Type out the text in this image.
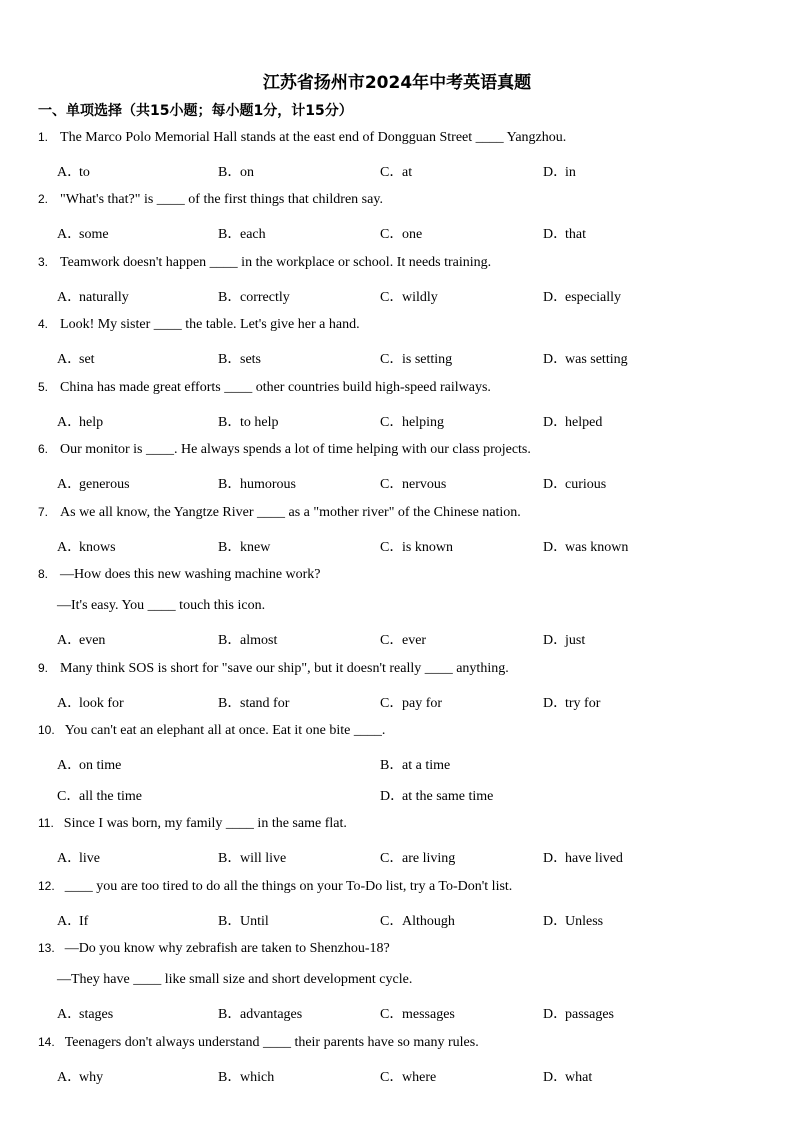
江苏省扬州市2024年中考英语真题
一、单项选择（共15小题；每小题1分，计15分）
1. The Marco Polo Memorial Hall stands at the east end of Dongguan Street ____ Yangzhou.
A．to	B．on	C．at	D．in
2. "What's that?" is ____ of the first things that children say.
A．some	B．each	C．one	D．that
3. Teamwork doesn't happen ____ in the workplace or school. It needs training.
A．naturally	B．correctly	C．wildly	D．especially
4. Look! My sister ____ the table. Let's give her a hand.
A．set	B．sets	C．is setting	D．was setting
5. China has made great efforts ____ other countries build high-speed railways.
A．help	B．to help	C．helping	D．helped
6. Our monitor is ____. He always spends a lot of time helping with our class projects.
A．generous	B．humorous	C．nervous	D．curious
7. As we all know, the Yangtze River ____ as a "mother river" of the Chinese nation.
A．knows	B．knew	C．is known	D．was known
8. —How does this new washing machine work?
—It's easy. You ____ touch this icon.
A．even	B．almost	C．ever	D．just
9. Many think SOS is short for "save our ship", but it doesn't really ____ anything.
A．look for	B．stand for	C．pay for	D．try for
10. You can't eat an elephant all at once. Eat it one bite ____.
A．on time	B．at a time
C．all the time	D．at the same time
11. Since I was born, my family ____ in the same flat.
A．live	B．will live	C．are living	D．have lived
12. ____ you are too tired to do all the things on your To-Do list, try a To-Don't list.
A．If	B．Until	C．Although	D．Unless
13. —Do you know why zebrafish are taken to Shenzhou-18?
—They have ____ like small size and short development cycle.
A．stages	B．advantages	C．messages	D．passages
14. Teenagers don't always understand ____ their parents have so many rules.
A．why	B．which	C．where	D．what
